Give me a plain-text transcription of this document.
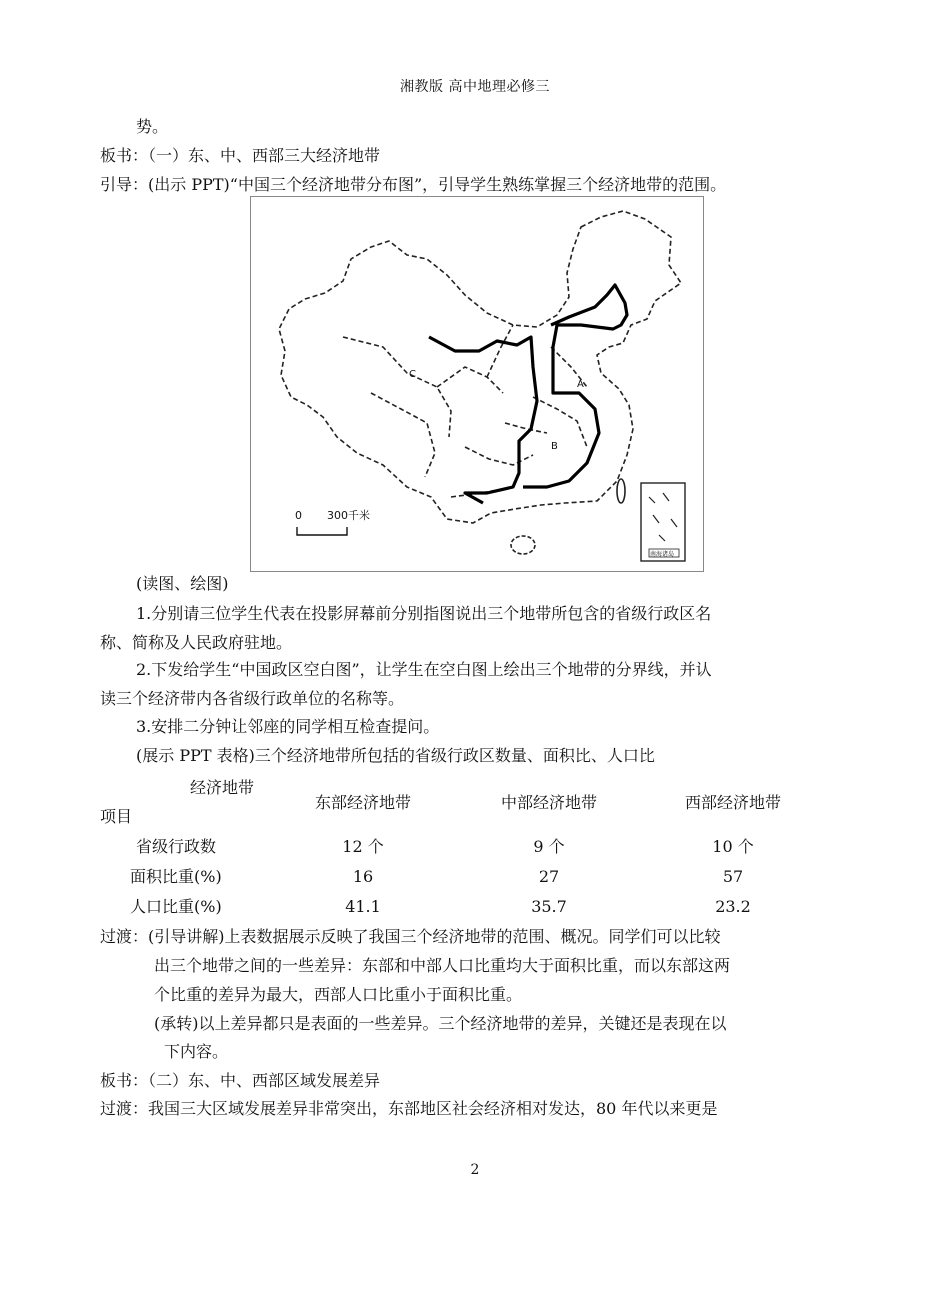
湘教版 高中地理必修三
势。
板书：（一）东、中、西部三大经济地带
引导：(出示 PPT)“中国三个经济地带分布图”，引导学生熟练掌握三个经济地带的范围。
A
B
C
0 300千米
南海诸岛
(读图、绘图)
1.分别请三位学生代表在投影屏幕前分别指图说出三个地带所包含的省级行政区名
称、简称及人民政府驻地。
2.下发给学生“中国政区空白图”，让学生在空白图上绘出三个地带的分界线，并认
读三个经济带内各省级行政单位的名称等。
3.安排二分钟让邻座的同学相互检查提问。
(展示 PPT 表格)三个经济地带所包括的省级行政区数量、面积比、人口比
经济地带
项目
东部经济地带	中部经济地带	西部经济地带
省级行政数	12 个	9 个	10 个
面积比重(%)	16	27	57
人口比重(%)	41.1	35.7	23.2
过渡：(引导讲解)上表数据展示反映了我国三个经济地带的范围、概况。同学们可以比较
出三个地带之间的一些差异：东部和中部人口比重均大于面积比重，而以东部这两
个比重的差异为最大，西部人口比重小于面积比重。
(承转)以上差异都只是表面的一些差异。三个经济地带的差异，关键还是表现在以
下内容。
板书：（二）东、中、西部区域发展差异
过渡：我国三大区域发展差异非常突出，东部地区社会经济相对发达，80 年代以来更是
2
